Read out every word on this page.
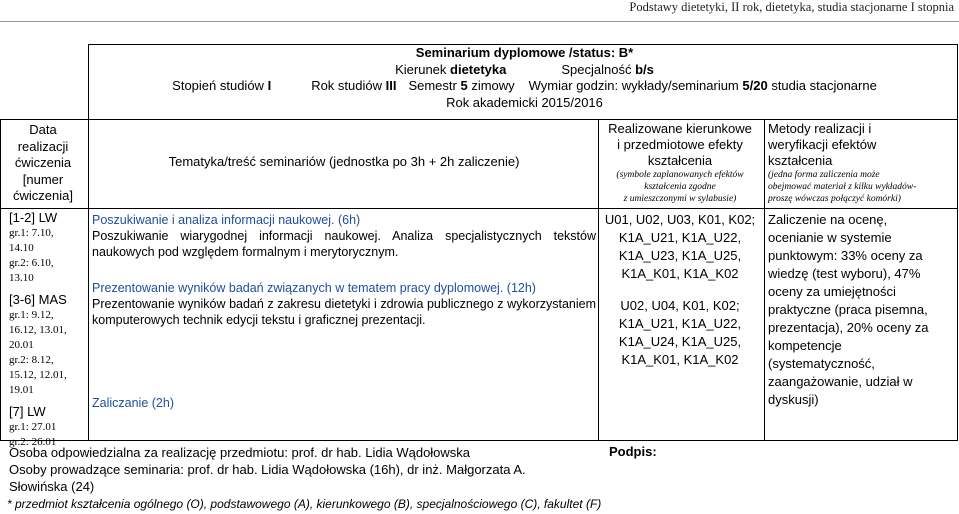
Podstawy dietetyki, II rok, dietetyka, studia stacjonarne I stopnia
Seminarium dyplomowe /status: B*
Kierunek dietetyka	Specjalność b/s
Stopień studiów I	Rok studiów III Semestr 5 zimowy Wymiar godzin: wykłady/seminarium 5/20 studia stacjonarne
Rok akademicki 2015/2016
Data
realizacji
ćwiczenia
[numer
ćwiczenia]
Tematyka/treść seminariów (jednostka po 3h + 2h zaliczenie)
Realizowane kierunkowe
i przedmiotowe efekty
kształcenia
(symbole zaplanowanych efektów
kształcenia zgodne
z umieszczonymi w sylabusie)
Metody realizacji i
weryfikacji efektów
kształcenia
(jedna forma zaliczenia może
obejmować materiał z kilku wykładów-
proszę wówczas połączyć komórki)
[1-2] LW
gr.1: 7.10,
14.10
gr.2: 6.10,
13.10
[3-6] MAS
gr.1: 9.12,
16.12, 13.01,
20.01
gr.2: 8.12,
15.12, 12.01,
19.01
[7] LW
gr.1: 27.01
gr.2: 26.01
Poszukiwanie i analiza informacji naukowej. (6h)
Poszukiwanie wiarygodnej informacji naukowej. Analiza specjalistycznych tekstów naukowych pod względem formalnym i merytorycznym.
Prezentowanie wyników badań związanych w tematem pracy dyplomowej. (12h)
Prezentowanie wyników badań z zakresu dietetyki i zdrowia publicznego z wykorzystaniem komputerowych technik edycji tekstu i graficznej prezentacji.
Zaliczanie (2h)
U01, U02, U03, K01, K02;
K1A_U21, K1A_U22,
K1A_U23, K1A_U25,
K1A_K01, K1A_K02
U02, U04, K01, K02;
K1A_U21, K1A_U22,
K1A_U24, K1A_U25,
K1A_K01, K1A_K02
Zaliczenie na ocenę,
ocenianie w systemie
punktowym: 33% oceny za
wiedzę (test wyboru), 47%
oceny za umiejętności
praktyczne (praca pisemna,
prezentacja), 20% oceny za
kompetencje
(systematyczność,
zaangażowanie, udział w
dyskusji)
Osoba odpowiedzialna za realizację przedmiotu: prof. dr hab. Lidia Wądołowska
Osoby prowadzące seminaria: prof. dr hab. Lidia Wądołowska (16h), dr inż. Małgorzata A.
Słowińska (24)
Podpis:
* przedmiot kształcenia ogólnego (O), podstawowego (A), kierunkowego (B), specjalnościowego (C), fakultet (F)
